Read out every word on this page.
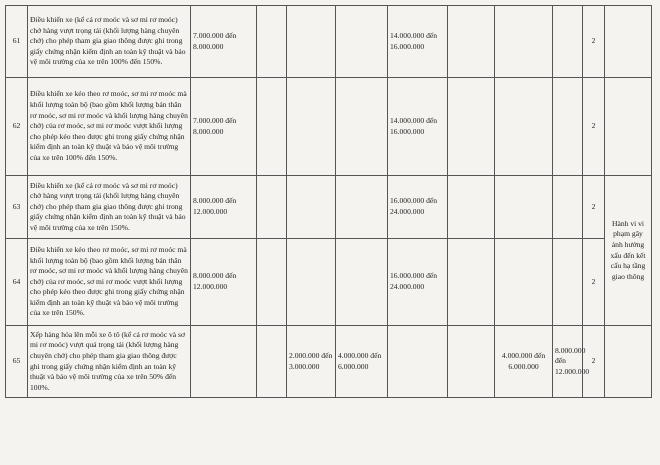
61	Điều khiển xe (kể cả rơ moóc và sơ mi rơ moóc) chở hàng vượt trọng tải (khối lượng hàng chuyên chở) cho phép tham gia giao thông được ghi trong giấy chứng nhận kiểm định an toàn kỹ thuật và bảo vệ môi trường của xe trên 100% đến 150%.	7.000.000 đến 8.000.000				14.000.000 đến 16.000.000				2	
62	Điều khiển xe kéo theo rơ moóc, sơ mi rơ moóc mà khối lượng toàn bộ (bao gồm khối lượng bản thân rơ moóc, sơ mi rơ moóc và khối lượng hàng chuyên chở) của rơ moóc, sơ mi rơ moóc vượt khối lượng cho phép kéo theo được ghi trong giấy chứng nhận kiểm định an toàn kỹ thuật và bảo vệ môi trường của xe trên 100% đến 150%.	7.000.000 đến 8.000.000				14.000.000 đến 16.000.000				2	
63	Điều khiển xe (kể cả rơ moóc và sơ mi rơ moóc) chở hàng vượt trọng tải (khối lượng hàng chuyên chở) cho phép tham gia giao thông được ghi trong giấy chứng nhận kiểm định an toàn kỹ thuật và bảo vệ môi trường của xe trên 150%.	8.000.000 đến 12.000.000				16.000.000 đến 24.000.000				2	Hành vi vi phạm gây ảnh hưởng xấu đến kết cấu hạ tầng giao thông
64	Điều khiển xe kéo theo rơ moóc, sơ mi rơ moóc mà khối lượng toàn bộ (bao gồm khối lượng bản thân rơ moóc, sơ mi rơ moóc và khối lượng hàng chuyên chở) của rơ moóc, sơ mi rơ moóc vượt khối lượng cho phép kéo theo được ghi trong giấy chứng nhận kiểm định an toàn kỹ thuật và bảo vệ môi trường của xe trên 150%.	8.000.000 đến 12.000.000				16.000.000 đến 24.000.000				2	
65	Xếp hàng hóa lên mỗi xe ô tô (kể cả rơ moóc và sơ mi rơ moóc) vượt quá trọng tải (khối lượng hàng chuyên chở) cho phép tham gia giao thông được ghi trong giấy chứng nhận kiểm định an toàn kỹ thuật và bảo vệ môi trường của xe trên 50% đến 100%.			2.000.000 đến 3.000.000	4.000.000 đến 6.000.000			4.000.000 đến 6.000.000	8.000.000 đến 12.000.000	2	
